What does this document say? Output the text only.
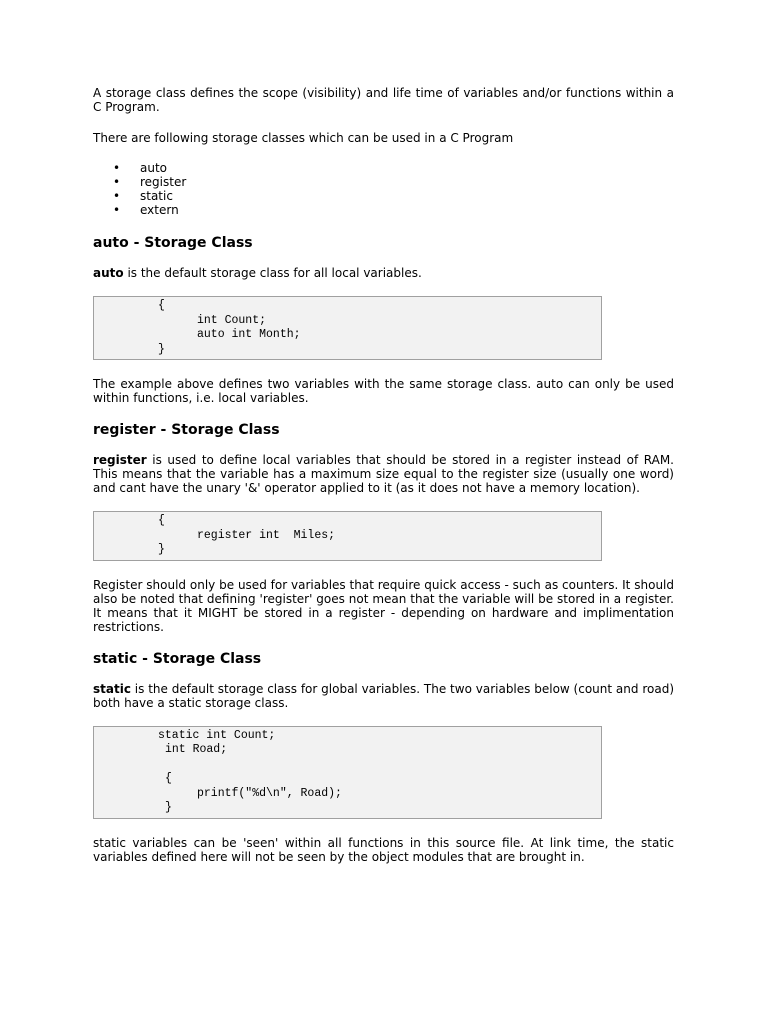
A storage class defines the scope (visibility) and life time of variables and/or functions within a C Program.

There are following storage classes which can be used in a C Program

• auto
• register
• static
• extern
auto - Storage Class

auto is the default storage class for all local variables.

{
int Count;
auto int Month;
}

The example above defines two variables with the same storage class. auto can only be used within functions, i.e. local variables.

register - Storage Class

register is used to define local variables that should be stored in a register instead of RAM. This means that the variable has a maximum size equal to the register size (usually one word) and cant have the unary '&' operator applied to it (as it does not have a memory location).

{
register int  Miles;
}

Register should only be used for variables that require quick access - such as counters. It should also be noted that defining 'register' goes not mean that the variable will be stored in a register. It means that it MIGHT be stored in a register - depending on hardware and implimentation restrictions.

static - Storage Class

static is the default storage class for global variables. The two variables below (count and road) both have a static storage class.

static int Count;
int Road;
{
printf("%d\n", Road);
}

static variables can be 'seen' within all functions in this source file. At link time, the static variables defined here will not be seen by the object modules that are brought in.
